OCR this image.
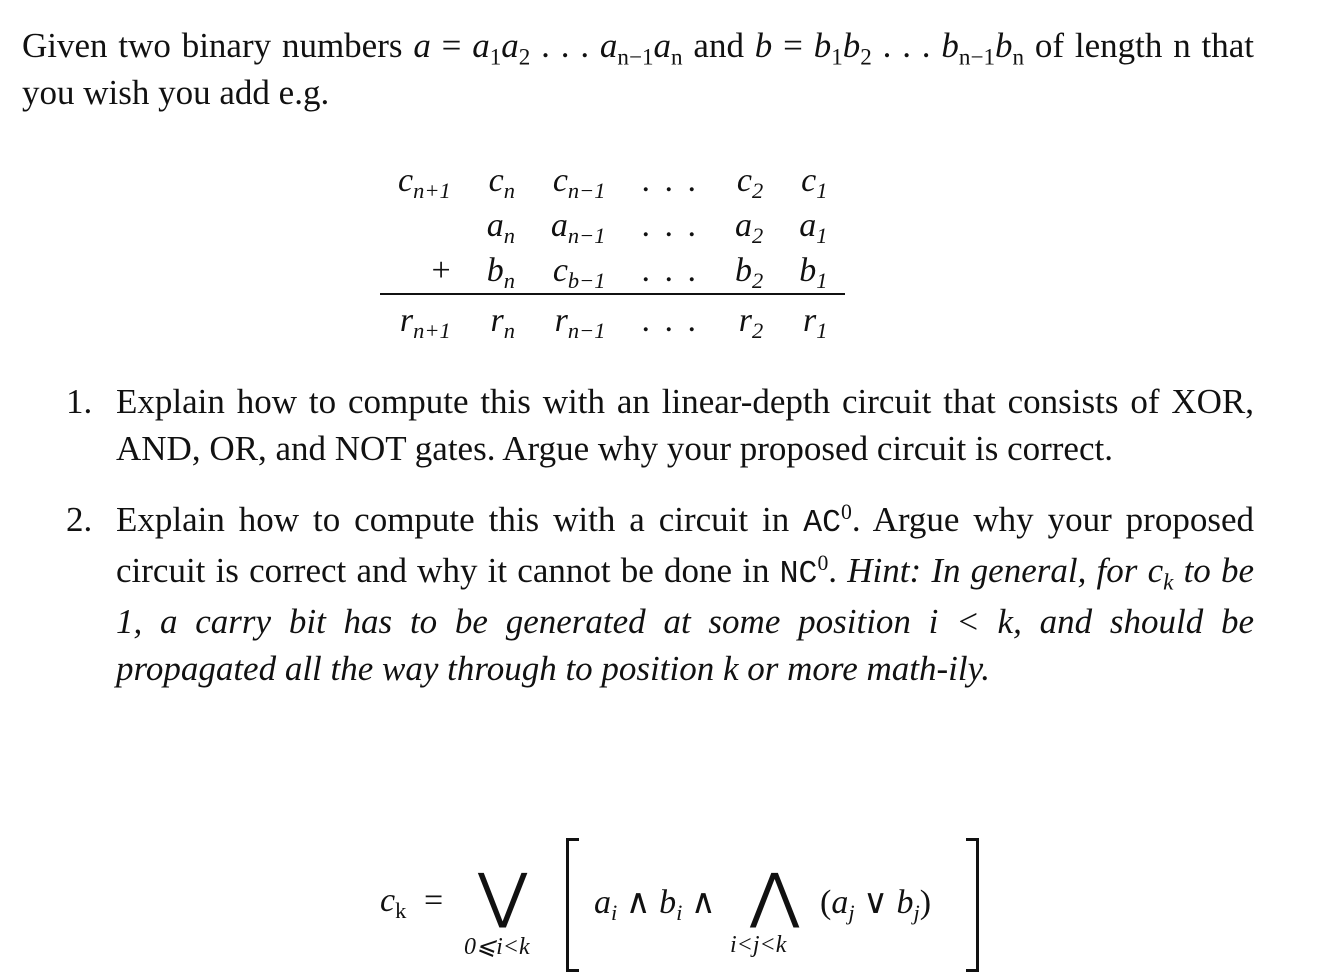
Given two binary numbers $a = a_1a_2$ . . . $a_{n-1}a_n$ and $b = b_1b_2$ . . . $b_{n-1}b_n$ of length n that you wish you add e.g.

$c_{n+1}$	$c_n$	$c_{n-1}$	. . .	$c_2$	$c_1$
	$a_n$	$a_{n-1}$	. . .	$a_2$	$a_1$
+	$b_n$	$c_{b-1}$	. . .	$b_2$	$b_1$
$r_{n+1}$	$r_n$	$r_{n-1}$	. . .	$r_2$	$r_1$
1. Explain how to compute this with an linear-depth circuit that consists of XOR, AND, OR, and NOT gates. Argue why your proposed circuit is correct.
2. Explain how to compute this with a circuit in $AC^0$. Argue why your proposed circuit is correct and why it cannot be done in $NC^0$. Hint: In general, for $c_k$ to be 1, a carry bit has to be generated at some position i < k, and should be propagated all the way through to position k or more math-ily.
$c_k$ = ⋁
0⩽i<k
$a_i$ ∧ $b_i$ ∧ ⋀
i<j<k
($a_j$ ∨ $b_j$)
